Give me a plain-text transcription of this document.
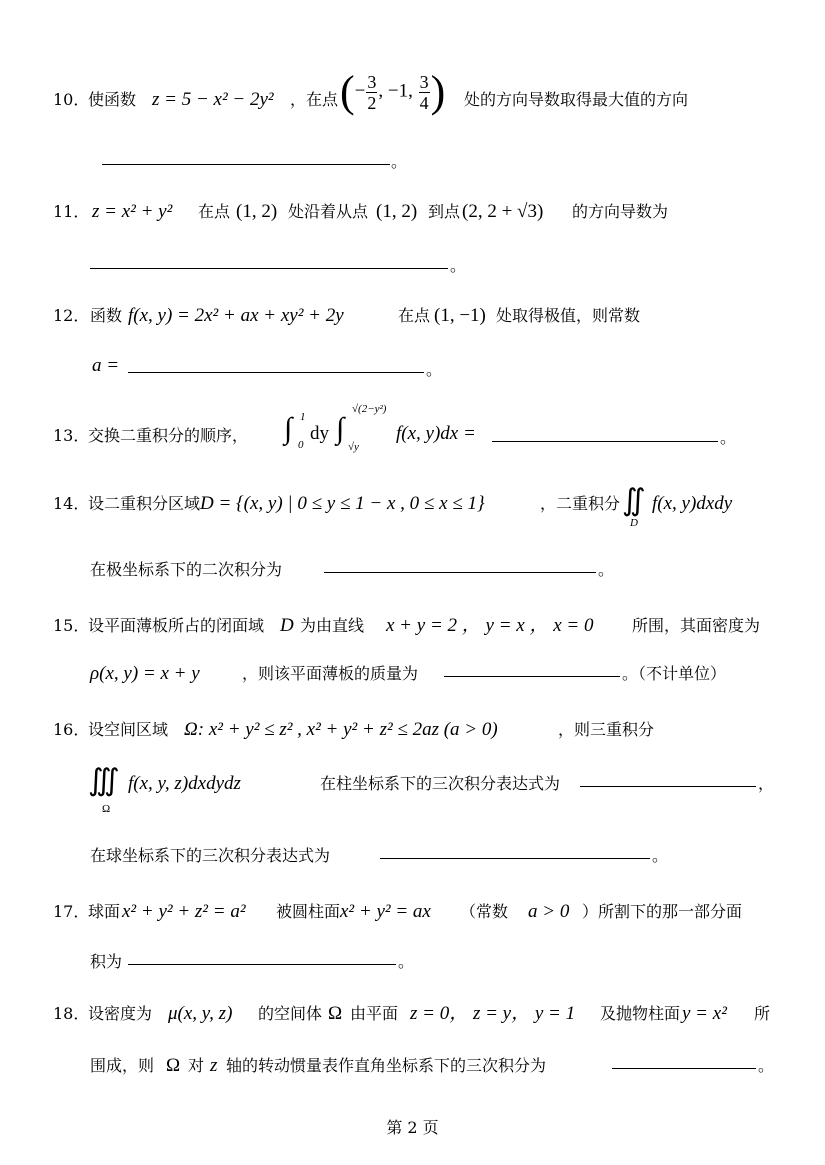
10．
使函数 z = 5 − x² − 2y² ，在点 (− $\frac{3}{2}$ , −1, $\frac{3}{4}$ ) 处的方向导数取得最大值的方向
。
11． z = x² + y² 在点 (1, 2) 处沿着从点 (1, 2) 到点 (2, 2 + √3) 的方向导数为
。
12． 函数 f(x, y) = 2x² + ax + xy² + 2y	在点 (1, −1) 处取得极值，则常数
a =	。
13．
交换二重积分的顺序， ∫ 1
0
dy ∫
√(2−y²)
√y
f(x, y)dx =	。
14．
设二重积分区域 D = {(x, y) | 0 ≤ y ≤ 1 − x , 0 ≤ x ≤ 1}	，二重积分 ∬
D
f(x, y)dxdy
在极坐标系下的二次积分为	。
15．
设平面薄板所占的闭面域 D 为由直线 x + y = 2 ， y = x ， x = 0 所围，其面密度为
ρ(x, y) = x + y	，则该平面薄板的质量为	。（不计单位）
16．
设空间区域 Ω: x² + y² ≤ z² , x² + y² + z² ≤ 2az (a > 0)	，则三重积分
∭
Ω
f(x, y, z)dxdydz	在柱坐标系下的三次积分表达式为	，
在球坐标系下的三次积分表达式为	。
17．
球面 x² + y² + z² = a² 被圆柱面 x² + y² = ax （常数 a > 0 ）所割下的那一部分面
积为	。
18．
设密度为 μ(x, y, z) 的空间体 Ω 由平面 z = 0， z = y， y = 1 及抛物柱面 y = x² 所
围成，则 Ω 对 z 轴的转动惯量表作直角坐标系下的三次积分为	。
第 2 页
